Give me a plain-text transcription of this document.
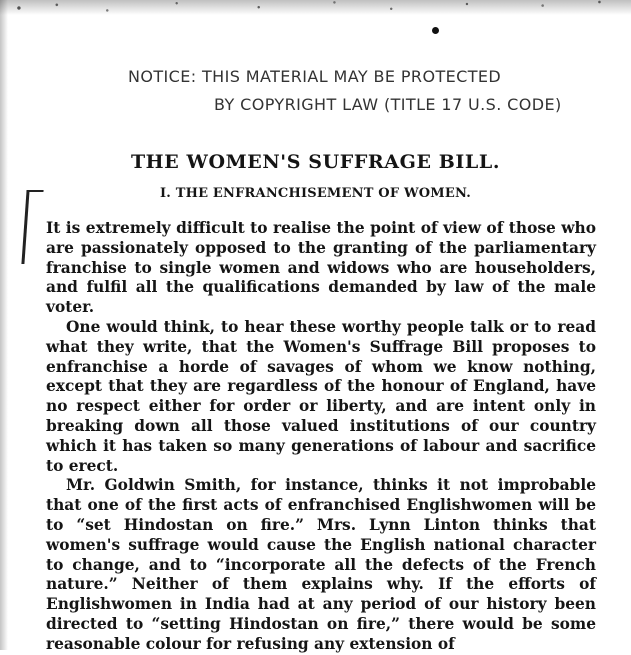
NOTICE: THIS MATERIAL MAY BE PROTECTED
BY COPYRIGHT LAW (TITLE 17 U.S. CODE)
THE WOMEN'S SUFFRAGE BILL.
I. THE ENFRANCHISEMENT OF WOMEN.

It is extremely difficult to realise the point of view of those who are passionately opposed to the granting of the parliamentary franchise to single women and widows who are householders, and fulfil all the qualifications demanded by law of the male voter.

One would think, to hear these worthy people talk or to read what they write, that the Women's Suffrage Bill proposes to enfranchise a horde of savages of whom we know nothing, except that they are regardless of the honour of England, have no respect either for order or liberty, and are intent only in breaking down all those valued institutions of our country which it has taken so many generations of labour and sacrifice to erect.

Mr. Goldwin Smith, for instance, thinks it not improbable that one of the first acts of enfranchised Englishwomen will be to “set Hindostan on fire.” Mrs. Lynn Linton thinks that women's suffrage would cause the English national character to change, and to “incorporate all the defects of the French nature.” Neither of them explains why. If the efforts of Englishwomen in India had at any period of our history been directed to “setting Hindostan on fire,” there would be some reasonable colour for refusing any extension of
